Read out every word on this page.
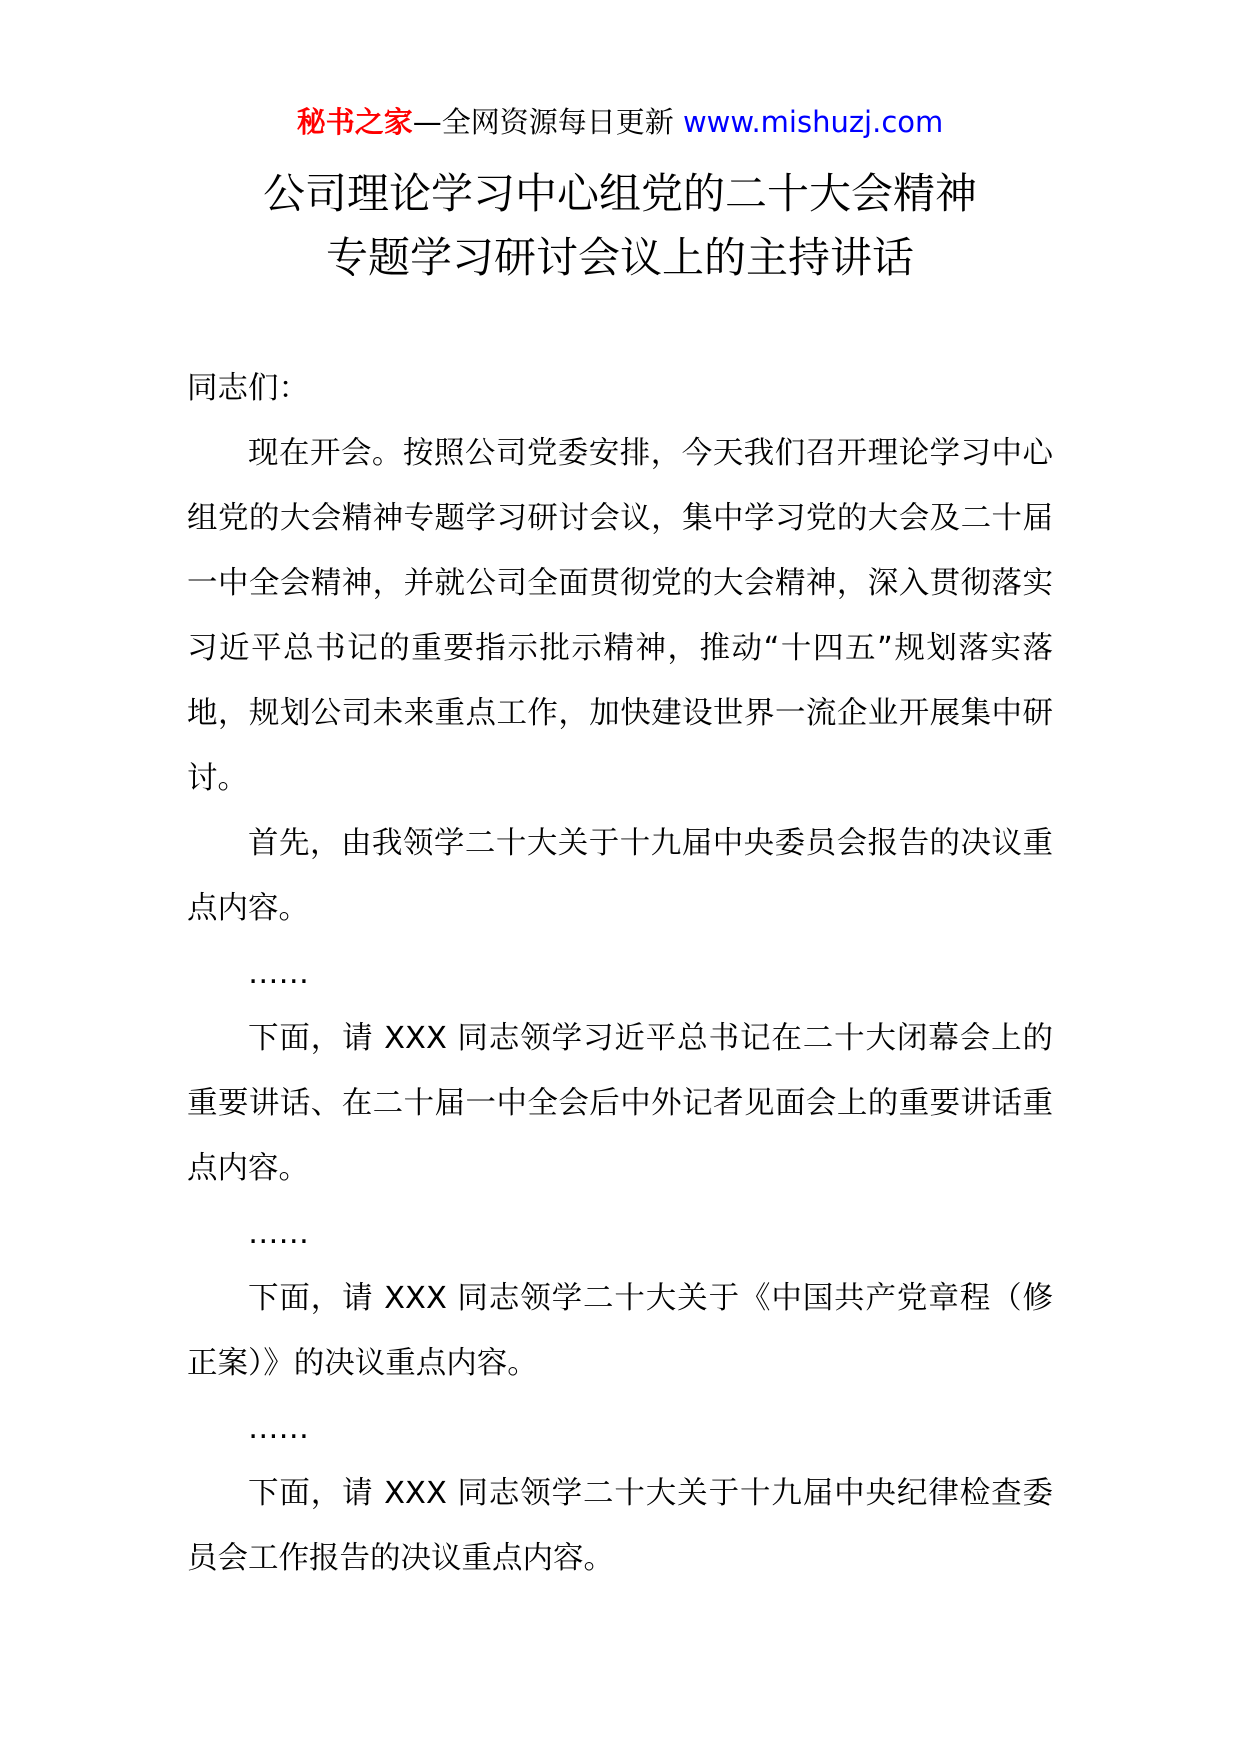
秘书之家—全网资源每日更新 www.mishuzj.com
公司理论学习中心组党的二十大会精神
专题学习研讨会议上的主持讲话

同志们：

现在开会。按照公司党委安排，今天我们召开理论学习中心组党的大会精神专题学习研讨会议，集中学习党的大会及二十届一中全会精神，并就公司全面贯彻党的大会精神，深入贯彻落实习近平总书记的重要指示批示精神，推动“十四五”规划落实落地，规划公司未来重点工作，加快建设世界一流企业开展集中研讨。

首先，由我领学二十大关于十九届中央委员会报告的决议重点内容。

……

下面，请 XXX 同志领学习近平总书记在二十大闭幕会上的重要讲话、在二十届一中全会后中外记者见面会上的重要讲话重点内容。

……

下面，请 XXX 同志领学二十大关于《中国共产党章程（修正案）》的决议重点内容。

……

下面，请 XXX 同志领学二十大关于十九届中央纪律检查委员会工作报告的决议重点内容。
